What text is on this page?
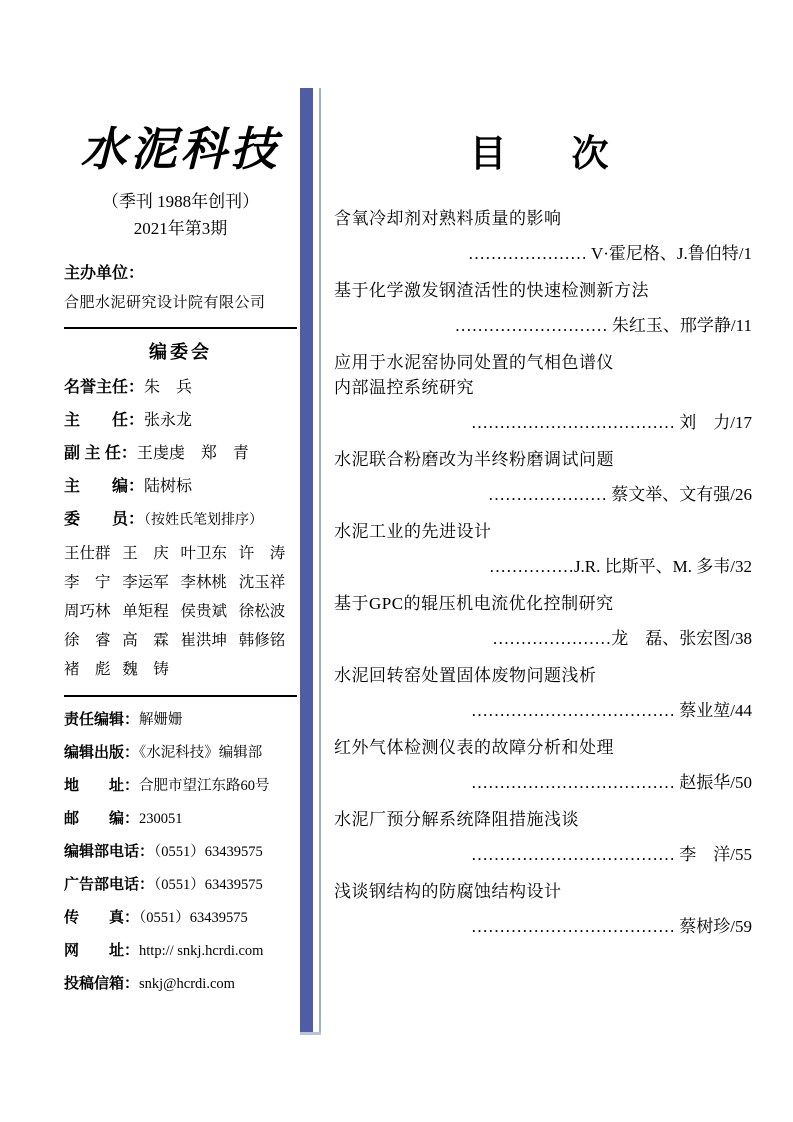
水泥科技
（季刊 1988年创刊）
2021年第3期
主办单位：
合肥水泥研究设计院有限公司
编委会
名誉主任：朱　兵
主　　任：张永龙
副 主 任：王虔虔　郑　青
主　　编：陆树标
委　　员：（按姓氏笔划排序）
王仕群 王　庆 叶卫东 许　涛
李　宁 李运军 李林桃 沈玉祥
周巧林 单矩程 侯贵斌 徐松波
徐　睿 高　霖 崔洪坤 韩修铭
褚　彪 魏　铸
责任编辑：解姗姗
编辑出版：《水泥科技》编辑部
地　　址：合肥市望江东路60号
邮　　编：230051
编辑部电话：（0551）63439575
广告部电话：（0551）63439575
传　　真：（0551）63439575
网　　址：http:// snkj.hcrdi.com
投稿信箱：snkj@hcrdi.com
目　次
含氧冷却剂对熟料质量的影响
………………… V·霍尼格、J.鲁伯特/1
基于化学激发钢渣活性的快速检测新方法
……………………… 朱红玉、邢学静/11
应用于水泥窑协同处置的气相色谱仪
内部温控系统研究
……………………………… 刘　力/17
水泥联合粉磨改为半终粉磨调试问题
………………… 蔡文举、文有强/26
水泥工业的先进设计
……………J.R. 比斯平、M. 多韦/32
基于GPC的辊压机电流优化控制研究
…………………龙　磊、张宏图/38
水泥回转窑处置固体废物问题浅析
……………………………… 蔡业堃/44
红外气体检测仪表的故障分析和处理
……………………………… 赵振华/50
水泥厂预分解系统降阻措施浅谈
……………………………… 李　洋/55
浅谈钢结构的防腐蚀结构设计
……………………………… 蔡树珍/59
